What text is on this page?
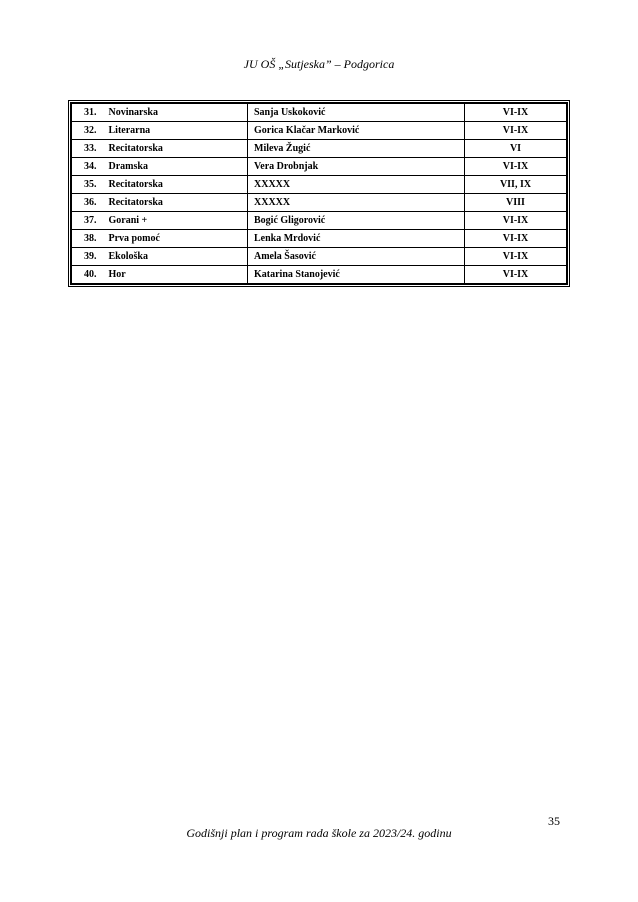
JU OŠ „Sutjeska” – Podgorica
31. Novinarska	Sanja Uskoković	VI-IX
32. Literarna	Gorica Klačar Marković	VI-IX
33. Recitatorska	Mileva Žugić	VI
34. Dramska	Vera Drobnjak	VI-IX
35. Recitatorska	XXXXX	VII, IX
36. Recitatorska	XXXXX	VIII
37. Gorani +	Bogić Gligorović	VI-IX
38. Prva pomoć	Lenka Mrdović	VI-IX
39. Ekološka	Amela Šasović	VI-IX
40. Hor	Katarina Stanojević	VI-IX
35
Godišnji plan i program rada škole za 2023/24. godinu
